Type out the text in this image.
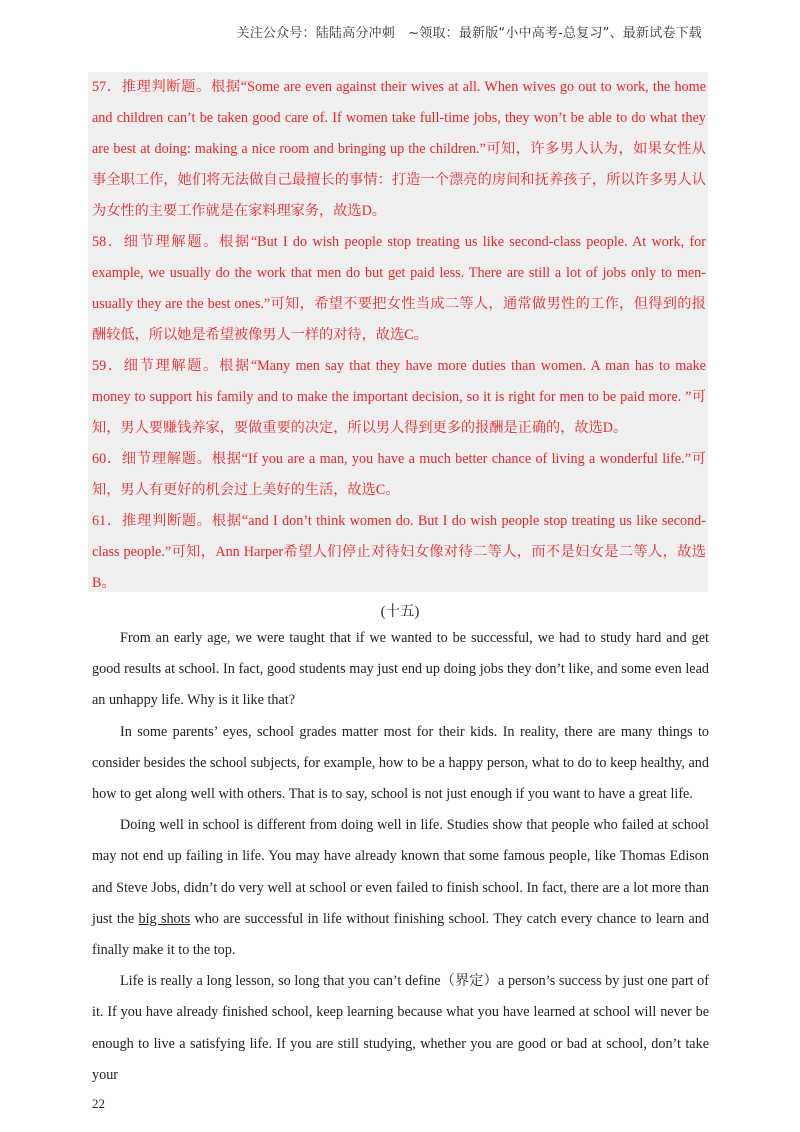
关注公众号：陆陆高分冲刺　~领取：最新版“小中高考-总复习”、最新试卷下载

57．推理判断题。根据“Some are even against their wives at all. When wives go out to work, the home and children can’t be taken good care of. If women take full-time jobs, they won’t be able to do what they are best at doing: making a nice room and bringing up the children.”可知，许多男人认为，如果女性从事全职工作，她们将无法做自己最擅长的事情：打造一个漂亮的房间和抚养孩子，所以许多男人认为女性的主要工作就是在家料理家务，故选D。

58．细节理解题。根据“But I do wish people stop treating us like second-class people. At work, for example, we usually do the work that men do but get paid less. There are still a lot of jobs only to men-usually they are the best ones.”可知，希望不要把女性当成二等人，通常做男性的工作，但得到的报酬较低，所以她是希望被像男人一样的对待，故选C。

59．细节理解题。根据“Many men say that they have more duties than women. A man has to make money to support his family and to make the important decision, so it is right for men to be paid more. ”可知，男人要赚钱养家，要做重要的决定，所以男人得到更多的报酬是正确的，故选D。

60．细节理解题。根据“If you are a man, you have a much better chance of living a wonderful life.”可知，男人有更好的机会过上美好的生活，故选C。

61．推理判断题。根据“and I don’t think women do. But I do wish people stop treating us like second-class people.”可知，Ann Harper希望人们停止对待妇女像对待二等人，而不是妇女是二等人，故选B。

(十五)

From an early age, we were taught that if we wanted to be successful, we had to study hard and get good results at school. In fact, good students may just end up doing jobs they don’t like, and some even lead an unhappy life. Why is it like that?

In some parents’ eyes, school grades matter most for their kids. In reality, there are many things to consider besides the school subjects, for example, how to be a happy person, what to do to keep healthy, and how to get along well with others. That is to say, school is not just enough if you want to have a great life.

Doing well in school is different from doing well in life. Studies show that people who failed at school may not end up failing in life. You may have already known that some famous people, like Thomas Edison and Steve Jobs, didn’t do very well at school or even failed to finish school. In fact, there are a lot more than just the big shots who are successful in life without finishing school. They catch every chance to learn and finally make it to the top.

Life is really a long lesson, so long that you can’t define（界定）a person’s success by just one part of it. If you have already finished school, keep learning because what you have learned at school will never be enough to live a satisfying life. If you are still studying, whether you are good or bad at school, don’t take your

22
